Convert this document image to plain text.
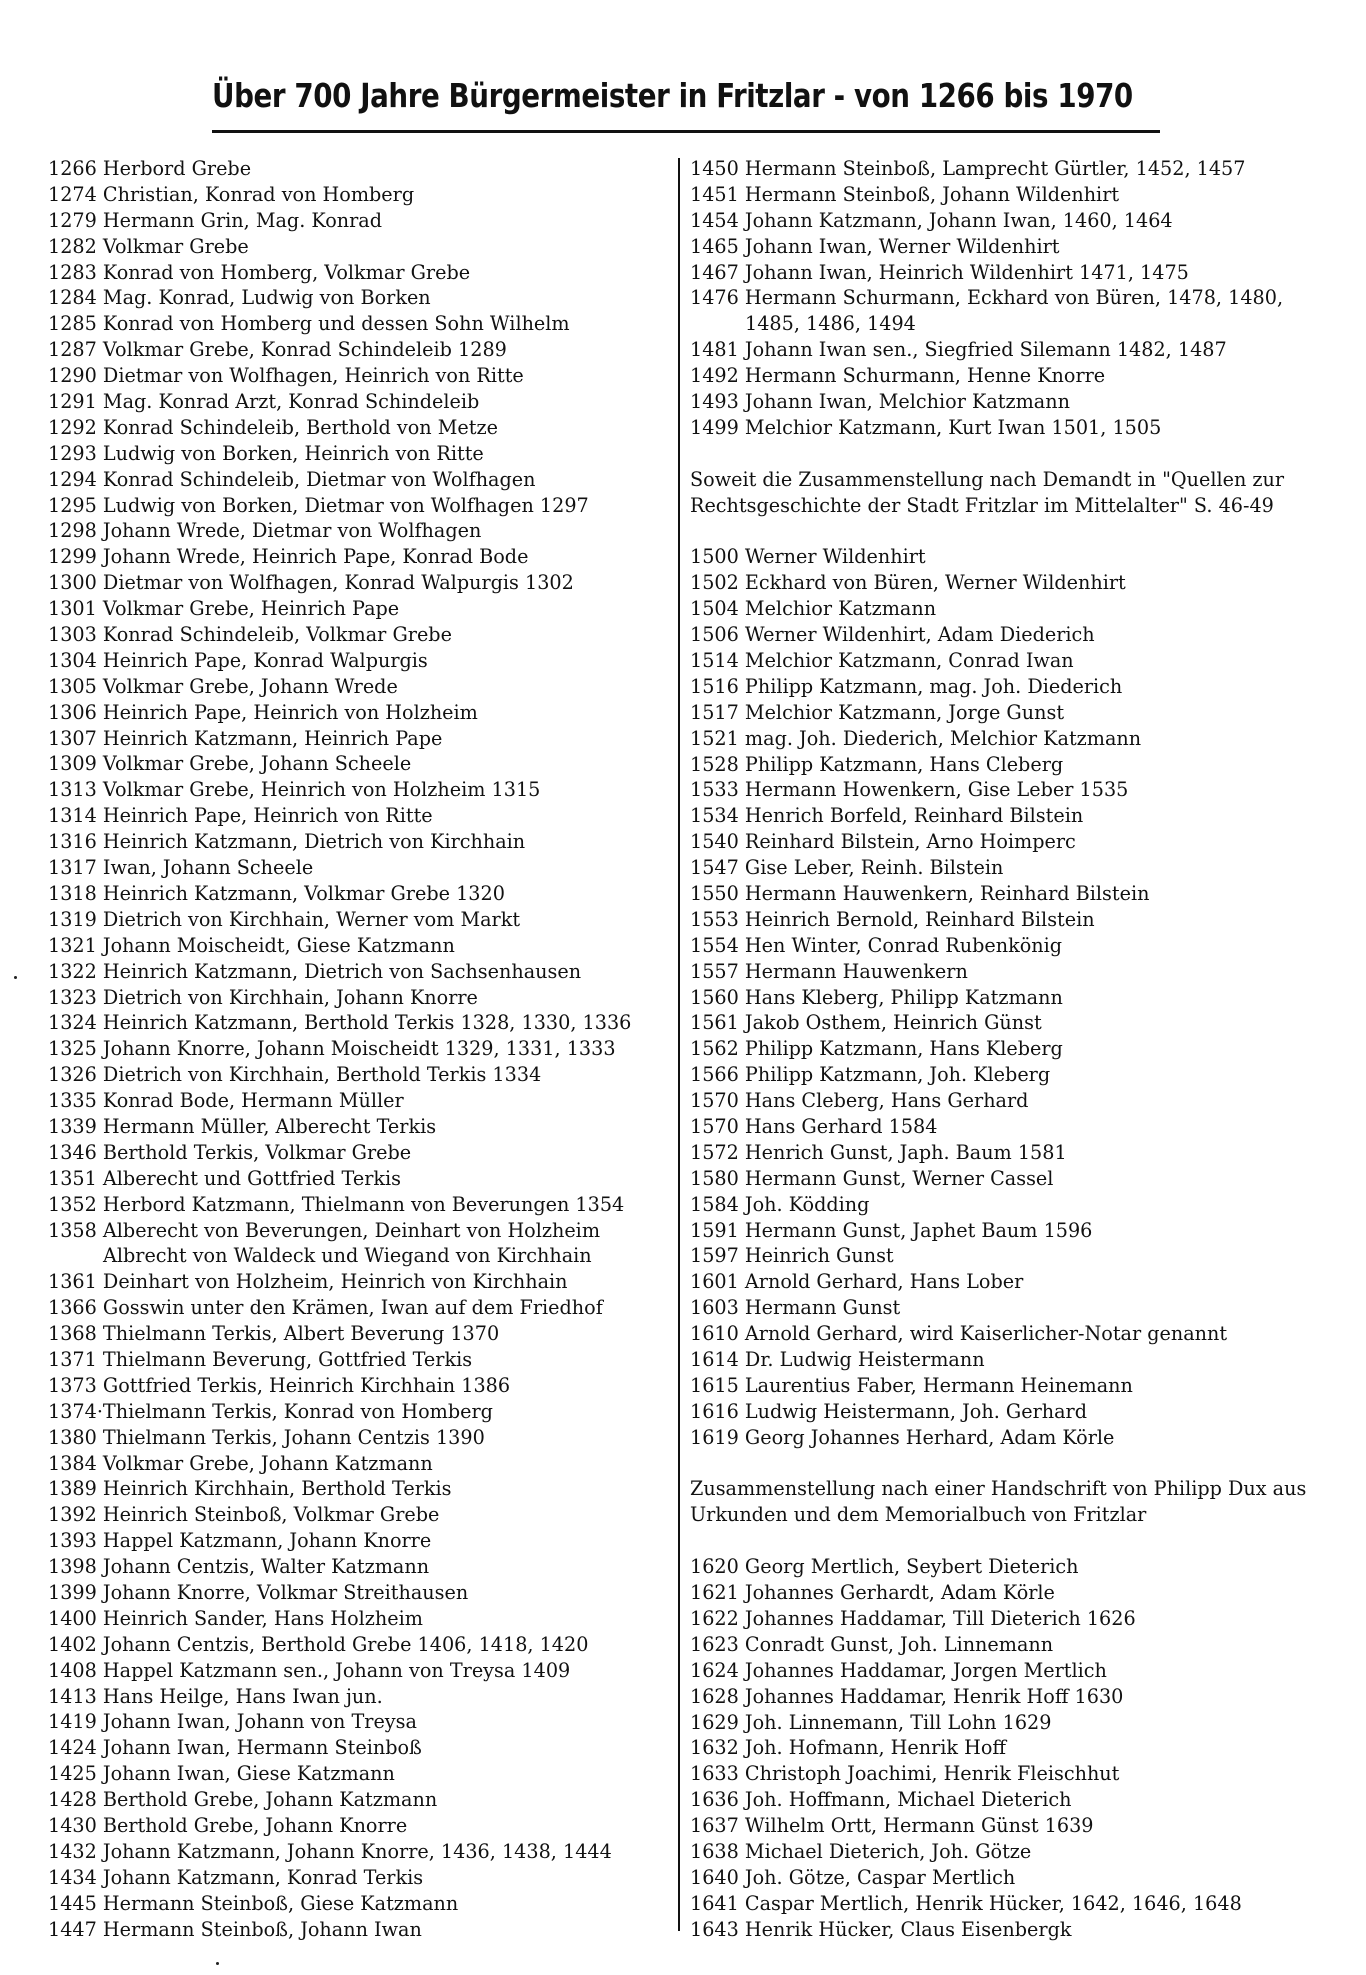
Über 700 Jahre Bürgermeister in Fritzlar - von 1266 bis 1970
1266 Herbord Grebe
1274 Christian, Konrad von Homberg
1279 Hermann Grin, Mag. Konrad
1282 Volkmar Grebe
1283 Konrad von Homberg, Volkmar Grebe
1284 Mag. Konrad, Ludwig von Borken
1285 Konrad von Homberg und dessen Sohn Wilhelm
1287 Volkmar Grebe, Konrad Schindeleib 1289
1290 Dietmar von Wolfhagen, Heinrich von Ritte
1291 Mag. Konrad Arzt, Konrad Schindeleib
1292 Konrad Schindeleib, Berthold von Metze
1293 Ludwig von Borken, Heinrich von Ritte
1294 Konrad Schindeleib, Dietmar von Wolfhagen
1295 Ludwig von Borken, Dietmar von Wolfhagen 1297
1298 Johann Wrede, Dietmar von Wolfhagen
1299 Johann Wrede, Heinrich Pape, Konrad Bode
1300 Dietmar von Wolfhagen, Konrad Walpurgis 1302
1301 Volkmar Grebe, Heinrich Pape
1303 Konrad Schindeleib, Volkmar Grebe
1304 Heinrich Pape, Konrad Walpurgis
1305 Volkmar Grebe, Johann Wrede
1306 Heinrich Pape, Heinrich von Holzheim
1307 Heinrich Katzmann, Heinrich Pape
1309 Volkmar Grebe, Johann Scheele
1313 Volkmar Grebe, Heinrich von Holzheim 1315
1314 Heinrich Pape, Heinrich von Ritte
1316 Heinrich Katzmann, Dietrich von Kirchhain
1317 Iwan, Johann Scheele
1318 Heinrich Katzmann, Volkmar Grebe 1320
1319 Dietrich von Kirchhain, Werner vom Markt
1321 Johann Moischeidt, Giese Katzmann
1322 Heinrich Katzmann, Dietrich von Sachsenhausen
1323 Dietrich von Kirchhain, Johann Knorre
1324 Heinrich Katzmann, Berthold Terkis 1328, 1330, 1336
1325 Johann Knorre, Johann Moischeidt 1329, 1331, 1333
1326 Dietrich von Kirchhain, Berthold Terkis 1334
1335 Konrad Bode, Hermann Müller
1339 Hermann Müller, Alberecht Terkis
1346 Berthold Terkis, Volkmar Grebe
1351 Alberecht und Gottfried Terkis
1352 Herbord Katzmann, Thielmann von Beverungen 1354
1358 Alberecht von Beverungen, Deinhart von Holzheim
Albrecht von Waldeck und Wiegand von Kirchhain
1361 Deinhart von Holzheim, Heinrich von Kirchhain
1366 Gosswin unter den Krämen, Iwan auf dem Friedhof
1368 Thielmann Terkis, Albert Beverung 1370
1371 Thielmann Beverung, Gottfried Terkis
1373 Gottfried Terkis, Heinrich Kirchhain 1386
1374·Thielmann Terkis, Konrad von Homberg
1380 Thielmann Terkis, Johann Centzis 1390
1384 Volkmar Grebe, Johann Katzmann
1389 Heinrich Kirchhain, Berthold Terkis
1392 Heinrich Steinboß, Volkmar Grebe
1393 Happel Katzmann, Johann Knorre
1398 Johann Centzis, Walter Katzmann
1399 Johann Knorre, Volkmar Streithausen
1400 Heinrich Sander, Hans Holzheim
1402 Johann Centzis, Berthold Grebe 1406, 1418, 1420
1408 Happel Katzmann sen., Johann von Treysa 1409
1413 Hans Heilge, Hans Iwan jun.
1419 Johann Iwan, Johann von Treysa
1424 Johann Iwan, Hermann Steinboß
1425 Johann Iwan, Giese Katzmann
1428 Berthold Grebe, Johann Katzmann
1430 Berthold Grebe, Johann Knorre
1432 Johann Katzmann, Johann Knorre, 1436, 1438, 1444
1434 Johann Katzmann, Konrad Terkis
1445 Hermann Steinboß, Giese Katzmann
1447 Hermann Steinboß, Johann Iwan
1450 Hermann Steinboß, Lamprecht Gürtler, 1452, 1457
1451 Hermann Steinboß, Johann Wildenhirt
1454 Johann Katzmann, Johann Iwan, 1460, 1464
1465 Johann Iwan, Werner Wildenhirt
1467 Johann Iwan, Heinrich Wildenhirt 1471, 1475
1476 Hermann Schurmann, Eckhard von Büren, 1478, 1480,
1485, 1486, 1494
1481 Johann Iwan sen., Siegfried Silemann 1482, 1487
1492 Hermann Schurmann, Henne Knorre
1493 Johann Iwan, Melchior Katzmann
1499 Melchior Katzmann, Kurt Iwan 1501, 1505
Soweit die Zusammenstellung nach Demandt in "Quellen zur
Rechtsgeschichte der Stadt Fritzlar im Mittelalter" S. 46-49
1500 Werner Wildenhirt
1502 Eckhard von Büren, Werner Wildenhirt
1504 Melchior Katzmann
1506 Werner Wildenhirt, Adam Diederich
1514 Melchior Katzmann, Conrad Iwan
1516 Philipp Katzmann, mag. Joh. Diederich
1517 Melchior Katzmann, Jorge Gunst
1521 mag. Joh. Diederich, Melchior Katzmann
1528 Philipp Katzmann, Hans Cleberg
1533 Hermann Howenkern, Gise Leber 1535
1534 Henrich Borfeld, Reinhard Bilstein
1540 Reinhard Bilstein, Arno Hoimperc
1547 Gise Leber, Reinh. Bilstein
1550 Hermann Hauwenkern, Reinhard Bilstein
1553 Heinrich Bernold, Reinhard Bilstein
1554 Hen Winter, Conrad Rubenkönig
1557 Hermann Hauwenkern
1560 Hans Kleberg, Philipp Katzmann
1561 Jakob Osthem, Heinrich Günst
1562 Philipp Katzmann, Hans Kleberg
1566 Philipp Katzmann, Joh. Kleberg
1570 Hans Cleberg, Hans Gerhard
1570 Hans Gerhard 1584
1572 Henrich Gunst, Japh. Baum 1581
1580 Hermann Gunst, Werner Cassel
1584 Joh. Ködding
1591 Hermann Gunst, Japhet Baum 1596
1597 Heinrich Gunst
1601 Arnold Gerhard, Hans Lober
1603 Hermann Gunst
1610 Arnold Gerhard, wird Kaiserlicher-Notar genannt
1614 Dr. Ludwig Heistermann
1615 Laurentius Faber, Hermann Heinemann
1616 Ludwig Heistermann, Joh. Gerhard
1619 Georg Johannes Herhard, Adam Körle
Zusammenstellung nach einer Handschrift von Philipp Dux aus
Urkunden und dem Memorialbuch von Fritzlar
1620 Georg Mertlich, Seybert Dieterich
1621 Johannes Gerhardt, Adam Körle
1622 Johannes Haddamar, Till Dieterich 1626
1623 Conradt Gunst, Joh. Linnemann
1624 Johannes Haddamar, Jorgen Mertlich
1628 Johannes Haddamar, Henrik Hoff 1630
1629 Joh. Linnemann, Till Lohn 1629
1632 Joh. Hofmann, Henrik Hoff
1633 Christoph Joachimi, Henrik Fleischhut
1636 Joh. Hoffmann, Michael Dieterich
1637 Wilhelm Ortt, Hermann Günst 1639
1638 Michael Dieterich, Joh. Götze
1640 Joh. Götze, Caspar Mertlich
1641 Caspar Mertlich, Henrik Hücker, 1642, 1646, 1648
1643 Henrik Hücker, Claus Eisenbergk
